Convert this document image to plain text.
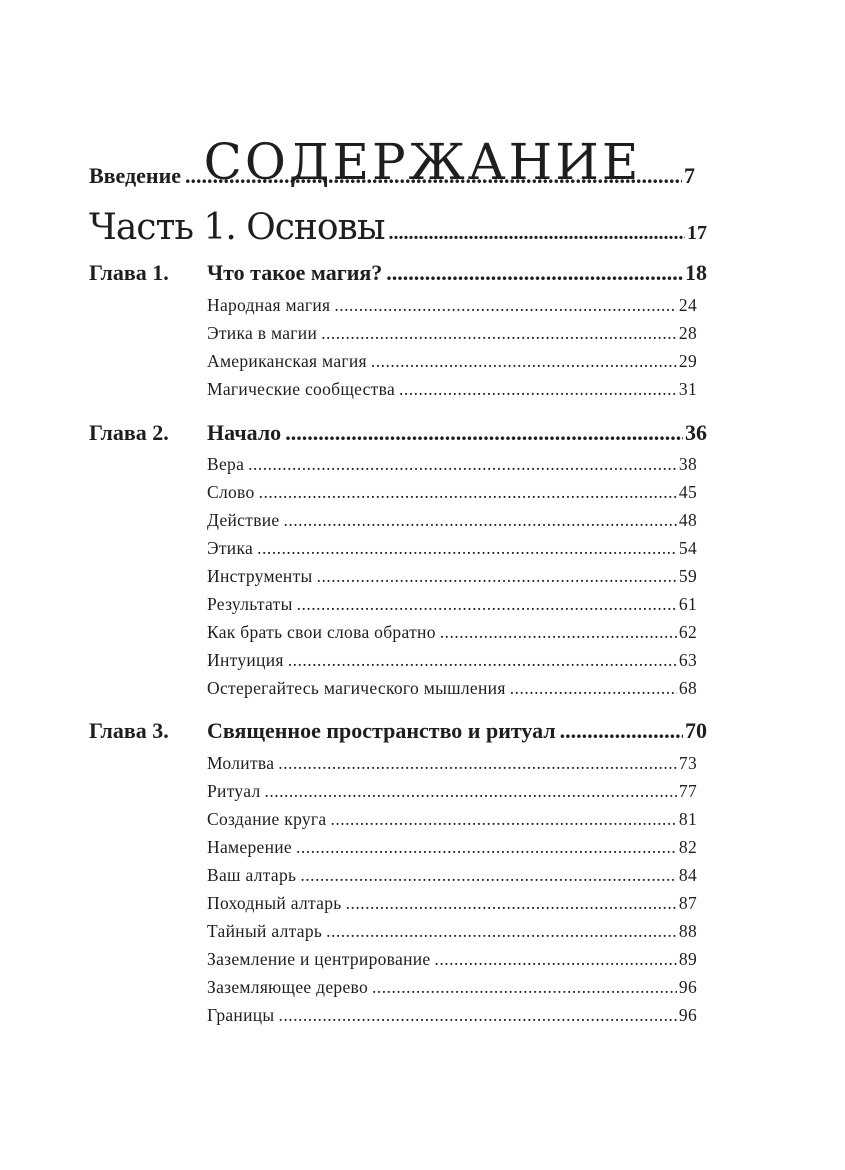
СОДЕРЖАНИЕ
Введение .....	7
Часть 1. Основы .....	17
Глава 1. Что такое магия? .....	18
Народная магия .....	24
Этика в магии .....	28
Американская магия .....	29
Магические сообщества .....	31
Глава 2. Начало .....	36
Вера .....	38
Слово .....	45
Действие .....	48
Этика .....	54
Инструменты .....	59
Результаты .....	61
Как брать свои слова обратно .....	62
Интуиция .....	63
Остерегайтесь магического мышления .....	68
Глава 3. Священное пространство и ритуал .....	70
Молитва .....	73
Ритуал .....	77
Создание круга .....	81
Намерение .....	82
Ваш алтарь .....	84
Походный алтарь .....	87
Тайный алтарь .....	88
Заземление и центрирование .....	89
Заземляющее дерево .....	96
Границы .....	96
